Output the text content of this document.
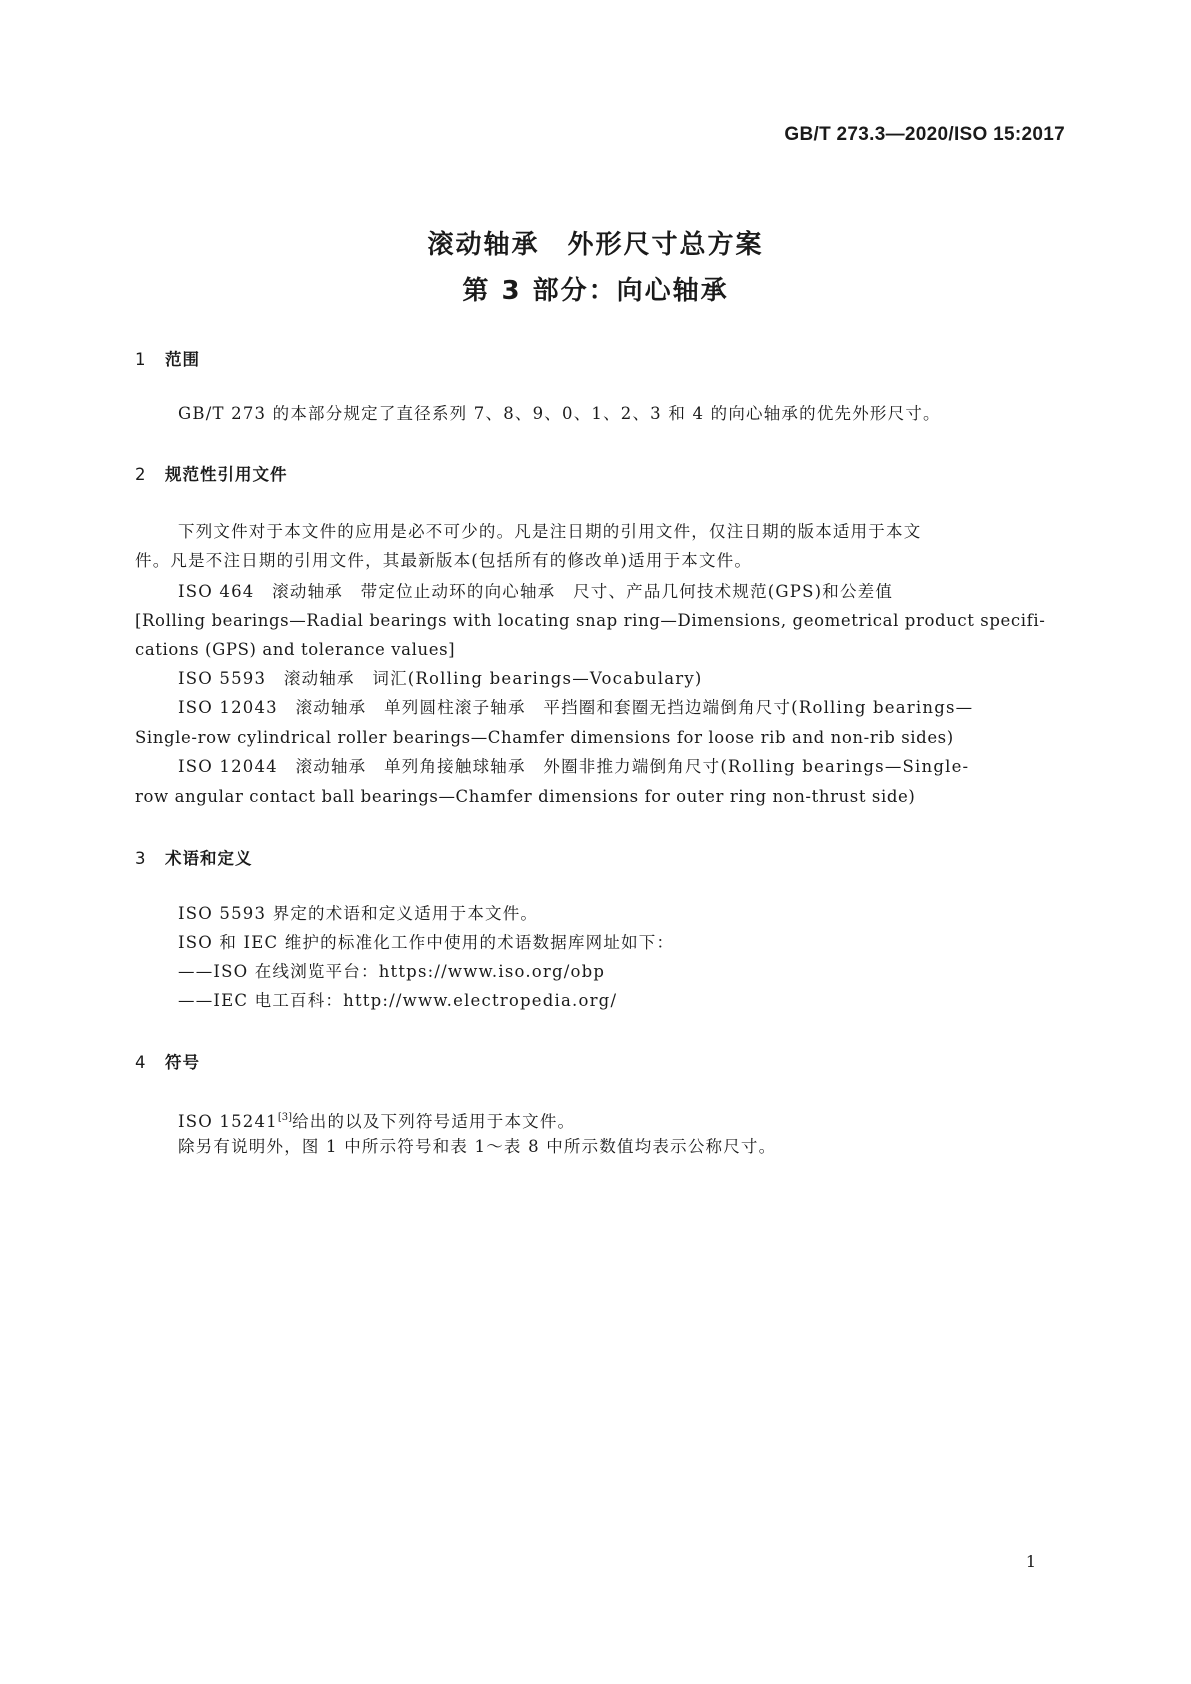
GB/T 273.3—2020/ISO 15:2017
滚动轴承　外形尺寸总方案
第 3 部分：向心轴承
1 范围
GB/T 273 的本部分规定了直径系列 7、8、9、0、1、2、3 和 4 的向心轴承的优先外形尺寸。
2 规范性引用文件
下列文件对于本文件的应用是必不可少的。凡是注日期的引用文件，仅注日期的版本适用于本文
件。凡是不注日期的引用文件，其最新版本(包括所有的修改单)适用于本文件。
ISO 464　滚动轴承　带定位止动环的向心轴承　尺寸、产品几何技术规范(GPS)和公差值
[Rolling bearings—Radial bearings with locating snap ring—Dimensions, geometrical product specifi-
cations (GPS) and tolerance values]
ISO 5593　滚动轴承　词汇(Rolling bearings—Vocabulary)
ISO 12043　滚动轴承　单列圆柱滚子轴承　平挡圈和套圈无挡边端倒角尺寸(Rolling bearings—
Single-row cylindrical roller bearings—Chamfer dimensions for loose rib and non-rib sides)
ISO 12044　滚动轴承　单列角接触球轴承　外圈非推力端倒角尺寸(Rolling bearings—Single-
row angular contact ball bearings—Chamfer dimensions for outer ring non-thrust side)
3 术语和定义
ISO 5593 界定的术语和定义适用于本文件。
ISO 和 IEC 维护的标准化工作中使用的术语数据库网址如下：
——ISO 在线浏览平台：https://www.iso.org/obp
——IEC 电工百科：http://www.electropedia.org/
4 符号
ISO 15241[3]给出的以及下列符号适用于本文件。
除另有说明外，图 1 中所示符号和表 1～表 8 中所示数值均表示公称尺寸。
1
